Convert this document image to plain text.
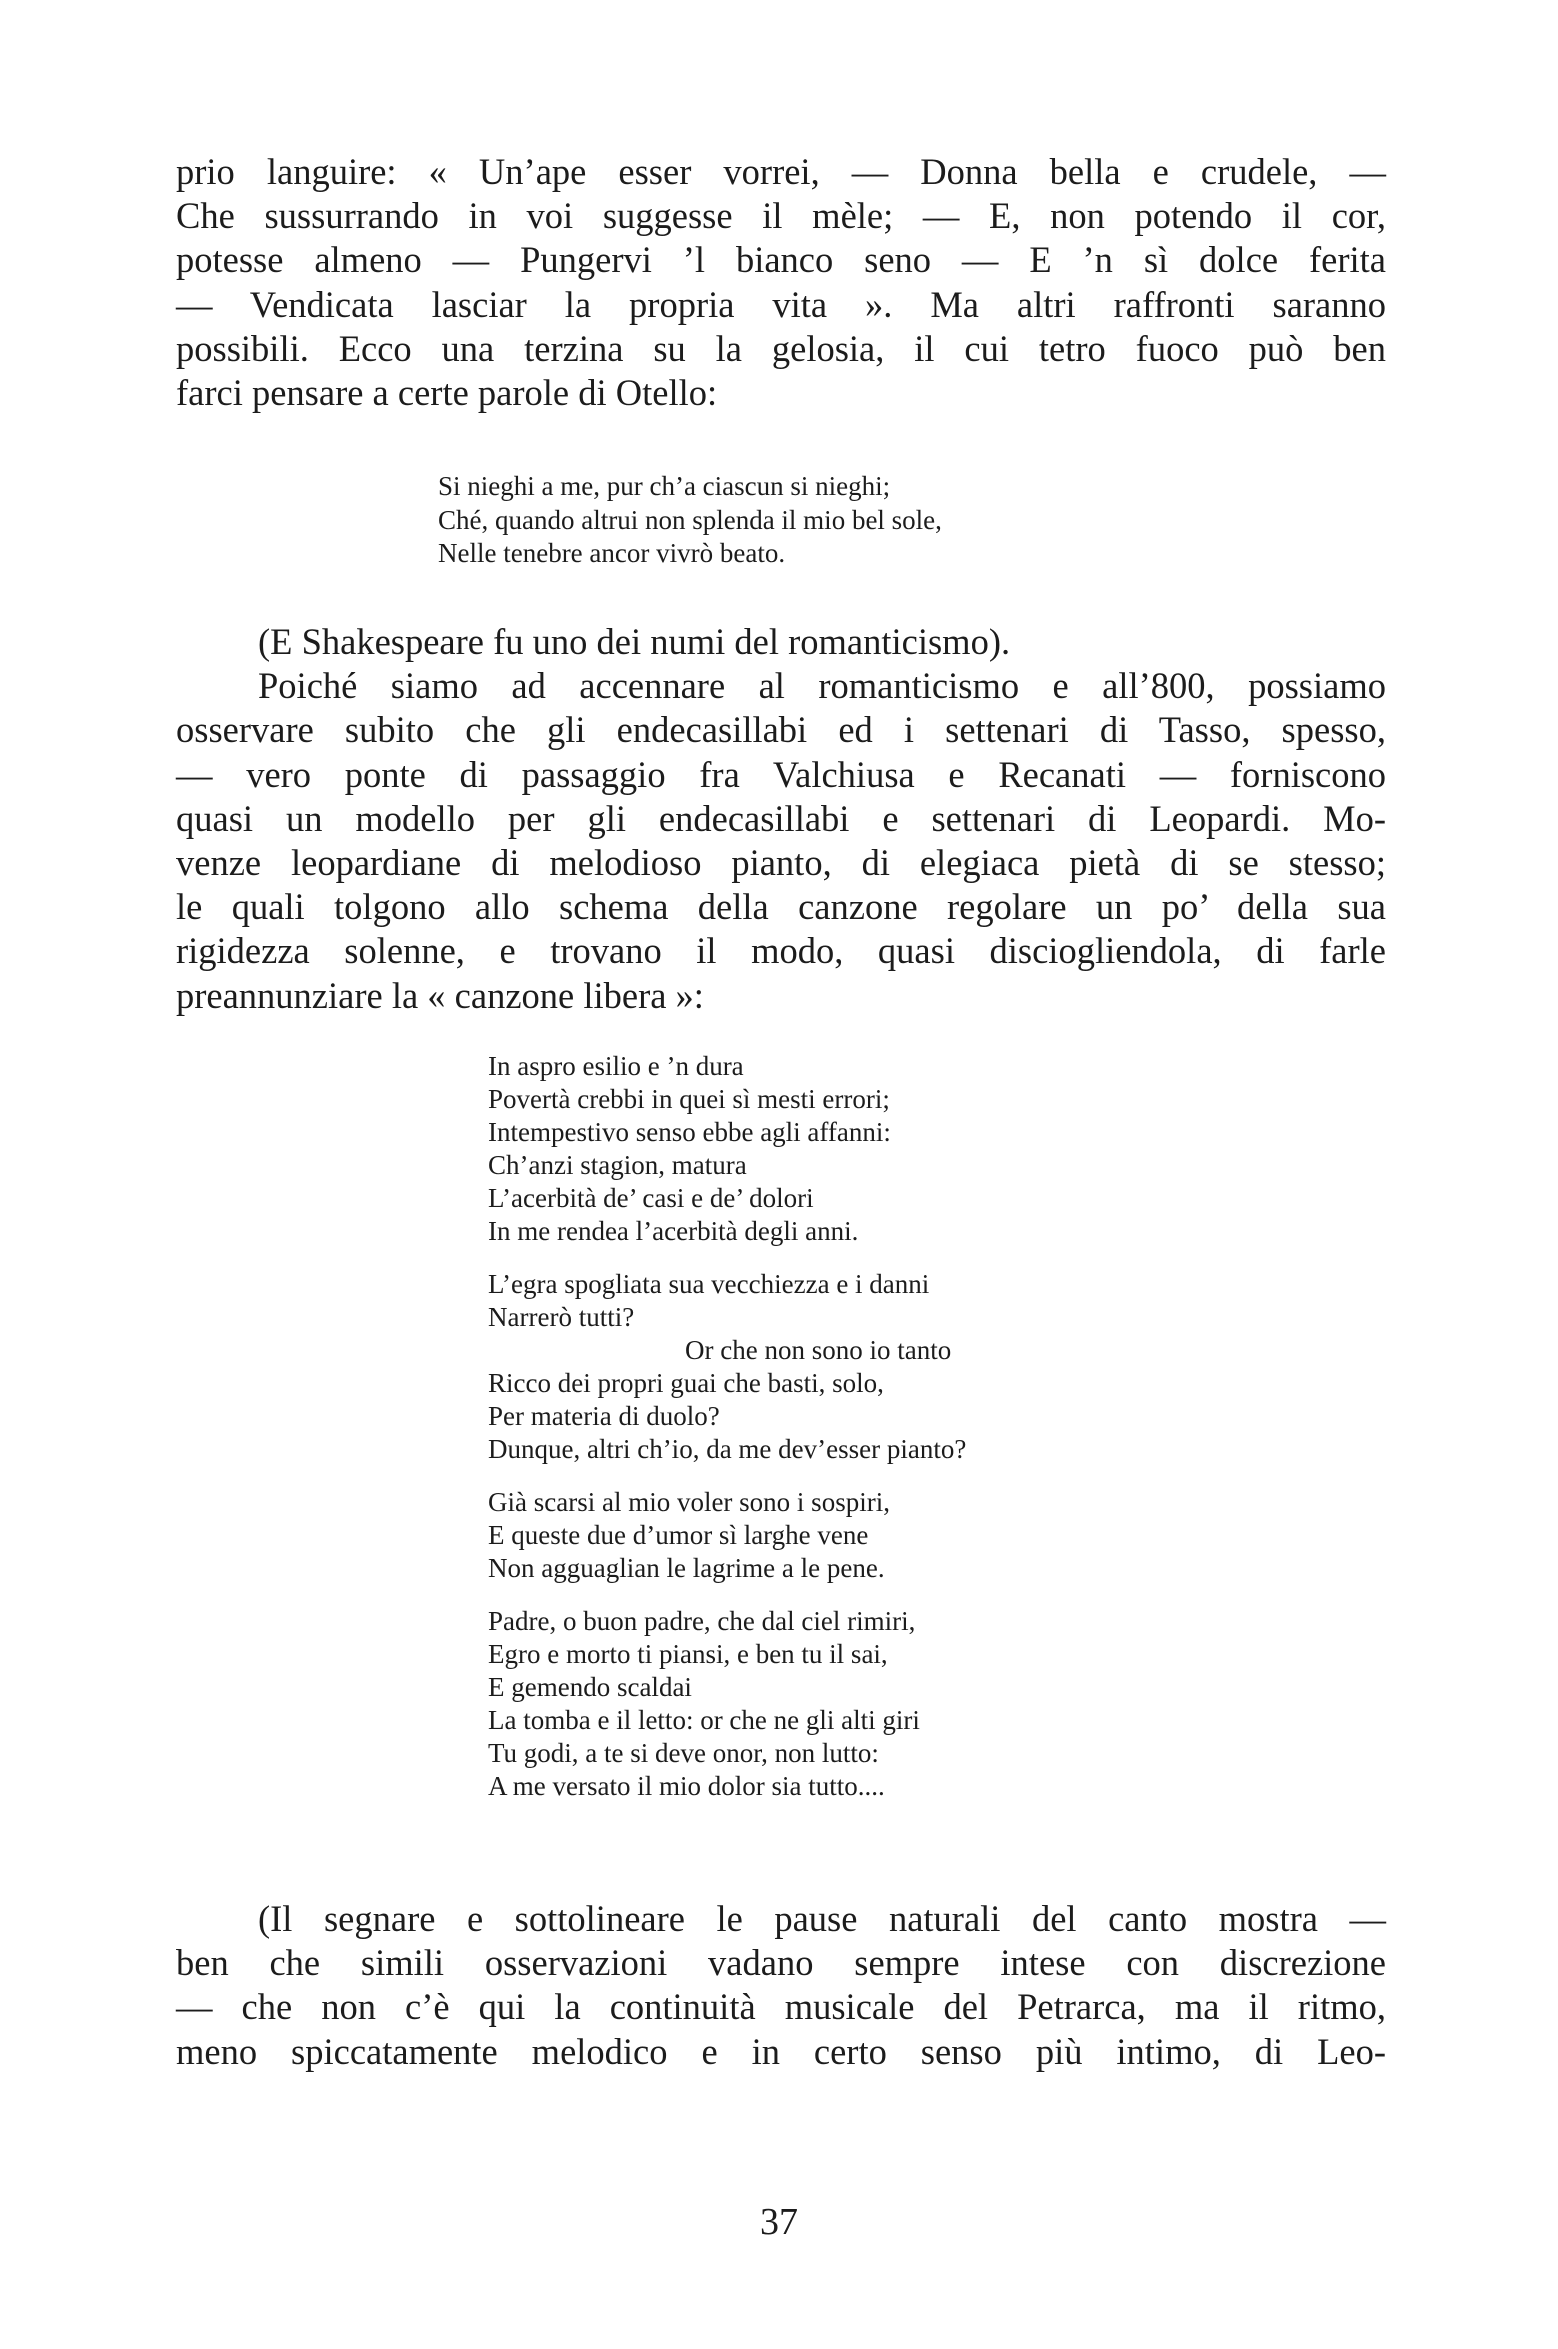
prio languire: « Un’ape esser vorrei, — Donna bella e crudele, —
Che sussurrando in voi suggesse il mèle; — E, non potendo il cor,
potesse almeno — Pungervi ’l bianco seno — E ’n sì dolce ferita
— Vendicata lasciar la propria vita ». Ma altri raffronti saranno
possibili. Ecco una terzina su la gelosia, il cui tetro fuoco può ben
farci pensare a certe parole di Otello:
Si nieghi a me, pur ch’a ciascun si nieghi;
Ché, quando altrui non splenda il mio bel sole,
Nelle tenebre ancor vivrò beato.
(E Shakespeare fu uno dei numi del romanticismo).
Poiché siamo ad accennare al romanticismo e all’800, possiamo
osservare subito che gli endecasillabi ed i settenari di Tasso, spesso,
— vero ponte di passaggio fra Valchiusa e Recanati — forniscono
quasi un modello per gli endecasillabi e settenari di Leopardi. Mo-
venze leopardiane di melodioso pianto, di elegiaca pietà di se stesso;
le quali tolgono allo schema della canzone regolare un po’ della sua
rigidezza solenne, e trovano il modo, quasi disciogliendola, di farle
preannunziare la « canzone libera »:
In aspro esilio e ’n dura
Povertà crebbi in quei sì mesti errori;
Intempestivo senso ebbe agli affanni:
Ch’anzi stagion, matura
L’acerbità de’ casi e de’ dolori
In me rendea l’acerbità degli anni.
L’egra spogliata sua vecchiezza e i danni
Narrerò tutti?
Or che non sono io tanto
Ricco dei propri guai che basti, solo,
Per materia di duolo?
Dunque, altri ch’io, da me dev’esser pianto?
Già scarsi al mio voler sono i sospiri,
E queste due d’umor sì larghe vene
Non agguaglian le lagrime a le pene.
Padre, o buon padre, che dal ciel rimiri,
Egro e morto ti piansi, e ben tu il sai,
E gemendo scaldai
La tomba e il letto: or che ne gli alti giri
Tu godi, a te si deve onor, non lutto:
A me versato il mio dolor sia tutto....
(Il segnare e sottolineare le pause naturali del canto mostra —
ben che simili osservazioni vadano sempre intese con discrezione
— che non c’è qui la continuità musicale del Petrarca, ma il ritmo,
meno spiccatamente melodico e in certo senso più intimo, di Leo-
37
